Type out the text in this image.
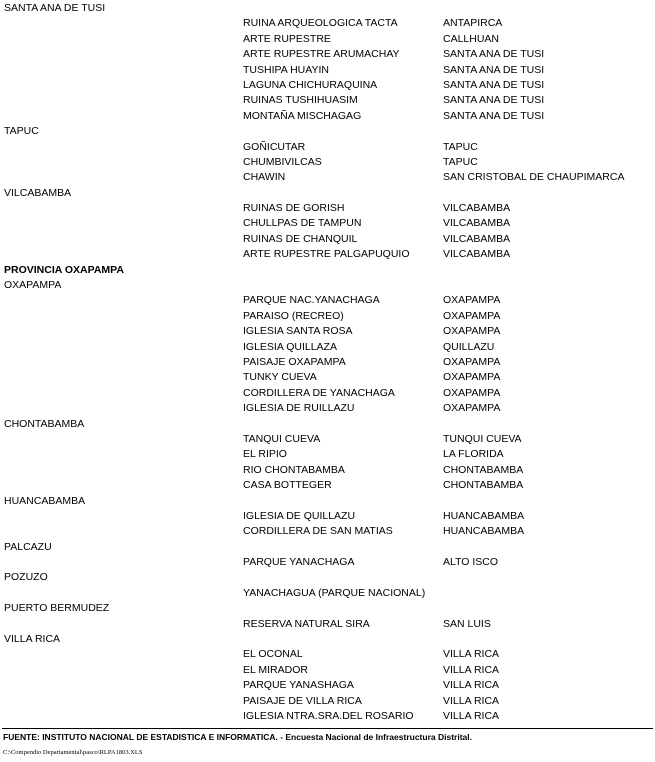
SANTA ANA DE TUSI
RUINA ARQUEOLOGICA TACTA	ANTAPIRCA
ARTE RUPESTRE	CALLHUAN
ARTE RUPESTRE ARUMACHAY	SANTA ANA DE TUSI
TUSHIPA HUAYIN	SANTA ANA DE TUSI
LAGUNA CHICHURAQUINA	SANTA ANA DE TUSI
RUINAS TUSHIHUASIM	SANTA ANA DE TUSI
MONTAÑA MISCHAGAG	SANTA ANA DE TUSI
TAPUC
GOÑICUTAR	TAPUC
CHUMBIVILCAS	TAPUC
CHAWIN	SAN CRISTOBAL DE CHAUPIMARCA
VILCABAMBA
RUINAS DE GORISH	VILCABAMBA
CHULLPAS DE TAMPUN	VILCABAMBA
RUINAS DE CHANQUIL	VILCABAMBA
ARTE RUPESTRE PALGAPUQUIO	VILCABAMBA
PROVINCIA OXAPAMPA
OXAPAMPA
PARQUE NAC.YANACHAGA	OXAPAMPA
PARAISO (RECREO)	OXAPAMPA
IGLESIA SANTA ROSA	OXAPAMPA
IGLESIA QUILLAZA	QUILLAZU
PAISAJE OXAPAMPA	OXAPAMPA
TUNKY CUEVA	OXAPAMPA
CORDILLERA DE YANACHAGA	OXAPAMPA
IGLESIA DE RUILLAZU	OXAPAMPA
CHONTABAMBA
TANQUI CUEVA	TUNQUI CUEVA
EL RIPIO	LA FLORIDA
RIO CHONTABAMBA	CHONTABAMBA
CASA BOTTEGER	CHONTABAMBA
HUANCABAMBA
IGLESIA DE QUILLAZU	HUANCABAMBA
CORDILLERA DE SAN MATIAS	HUANCABAMBA
PALCAZU
PARQUE YANACHAGA	ALTO ISCO
POZUZO
YANACHAGUA (PARQUE NACIONAL)
PUERTO BERMUDEZ
RESERVA NATURAL SIRA	SAN LUIS
VILLA RICA
EL OCONAL	VILLA RICA
EL MIRADOR	VILLA RICA
PARQUE YANASHAGA	VILLA RICA
PAISAJE DE VILLA RICA	VILLA RICA
IGLESIA NTRA.SRA.DEL ROSARIO	VILLA RICA
FUENTE: INSTITUTO NACIONAL DE ESTADISTICA E INFORMATICA. - Encuesta Nacional de Infraestructura Distrital.
C:\Compendio Departamental\pasco\RLPA1803.XLS
